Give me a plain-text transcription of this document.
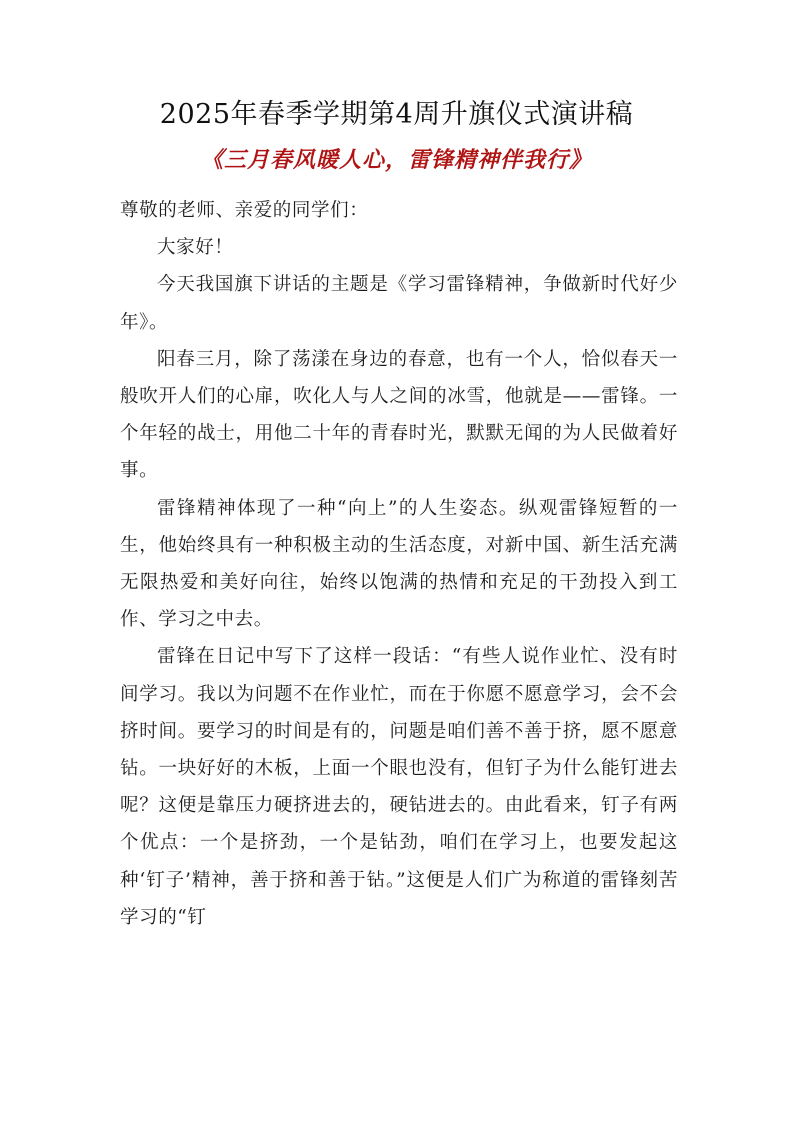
2025年春季学期第4周升旗仪式演讲稿
《三月春风暖人心，雷锋精神伴我行》

尊敬的老师、亲爱的同学们：

大家好！

今天我国旗下讲话的主题是《学习雷锋精神，争做新时代好少年》。

阳春三月，除了荡漾在身边的春意，也有一个人，恰似春天一般吹开人们的心扉，吹化人与人之间的冰雪，他就是——雷锋。一个年轻的战士，用他二十年的青春时光，默默无闻的为人民做着好事。

雷锋精神体现了一种“向上”的人生姿态。纵观雷锋短暂的一生，他始终具有一种积极主动的生活态度，对新中国、新生活充满无限热爱和美好向往，始终以饱满的热情和充足的干劲投入到工作、学习之中去。

雷锋在日记中写下了这样一段话：“有些人说作业忙、没有时间学习。我以为问题不在作业忙，而在于你愿不愿意学习，会不会挤时间。要学习的时间是有的，问题是咱们善不善于挤，愿不愿意钻。一块好好的木板，上面一个眼也没有，但钉子为什么能钉进去呢？这便是靠压力硬挤进去的，硬钻进去的。由此看来，钉子有两个优点：一个是挤劲，一个是钻劲，咱们在学习上，也要发起这种‘钉子’精神，善于挤和善于钻。”这便是人们广为称道的雷锋刻苦学习的“钉
